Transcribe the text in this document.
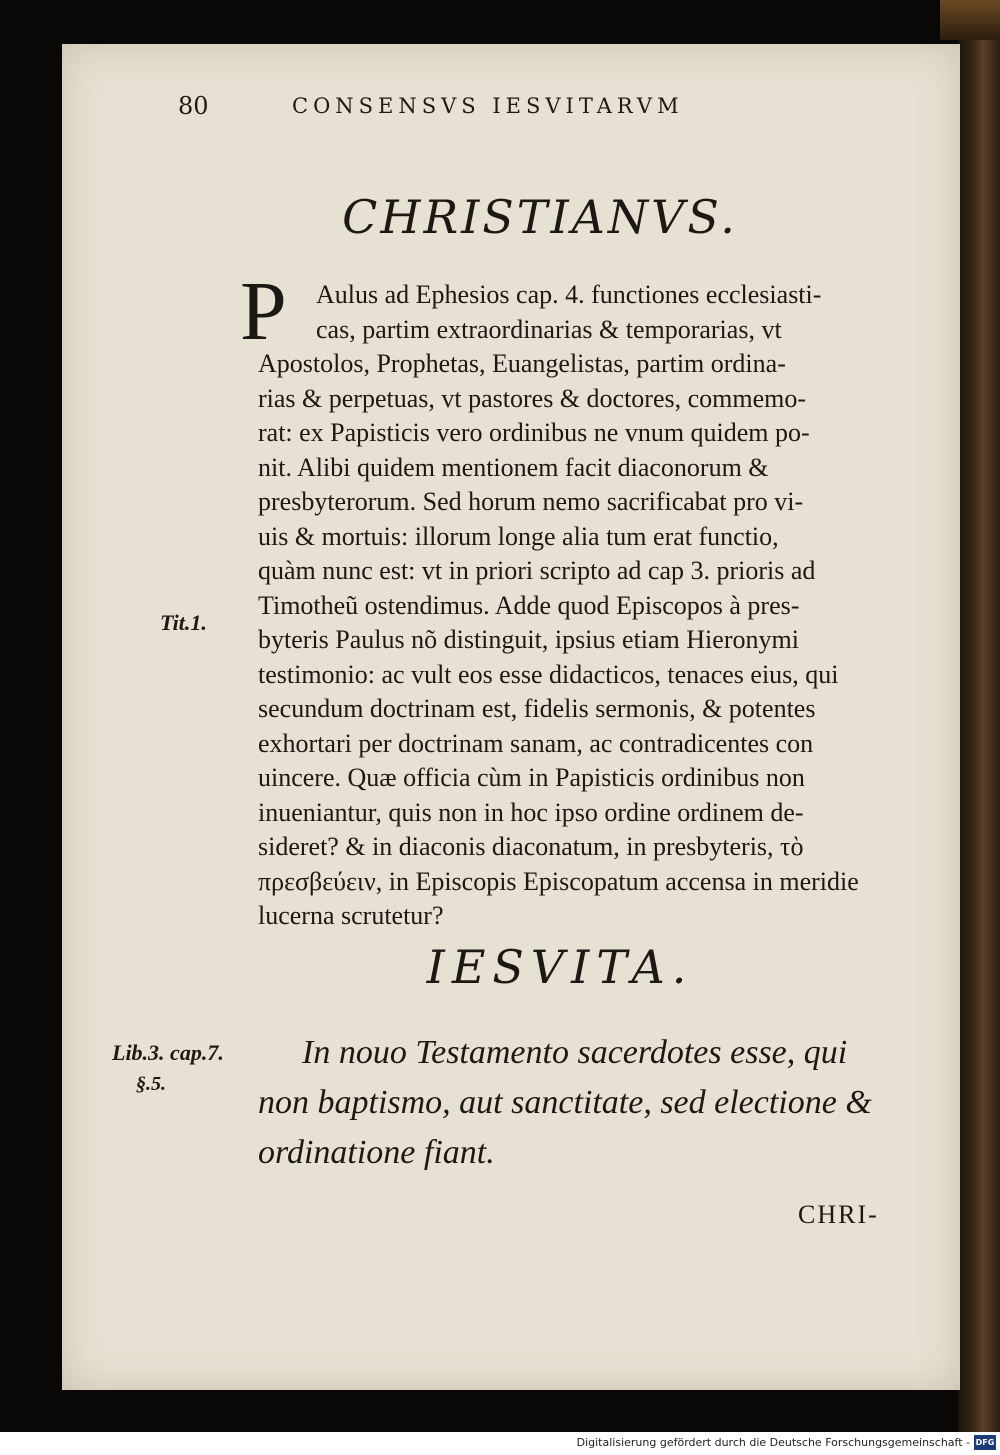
80	CONSENSVS IESVITARVM
CHRISTIANVS.
P	Aulus ad Ephesios cap. 4. functiones ecclesiasti-
cas, partim extraordinarias & temporarias, vt
Apostolos, Prophetas, Euangelistas, partim ordina-
rias & perpetuas, vt pastores & doctores, commemo-
rat: ex Papisticis vero ordinibus ne vnum quidem po-
nit. Alibi quidem mentionem facit diaconorum &
presbyterorum. Sed horum nemo sacrificabat pro vi-
uis & mortuis: illorum longe alia tum erat functio,
quàm nunc est: vt in priori scripto ad cap 3. prioris ad
Timotheũ ostendimus. Adde quod Episcopos à pres-
byteris Paulus nõ distinguit, ipsius etiam Hieronymi
testimonio: ac vult eos esse didacticos, tenaces eius, qui
secundum doctrinam est, fidelis sermonis, & potentes
exhortari per doctrinam sanam, ac contradicentes con
uincere. Quæ officia cùm in Papisticis ordinibus non
inueniantur, quis non in hoc ipso ordine ordinem de-
sideret? & in diaconis diaconatum, in presbyteris, τὸ
πρεσβεύειν, in Episcopis Episcopatum accensa in meridie
lucerna scrutetur?
Tit.1.
IESVITA.
Lib.3. cap.7.
§.5.
In nouo Testamento sacerdotes esse, qui
non baptismo, aut sanctitate, sed electione &
ordinatione fiant.
CHRI-
Digitalisierung gefördert durch die Deutsche Forschungsgemeinschaft - DFG
